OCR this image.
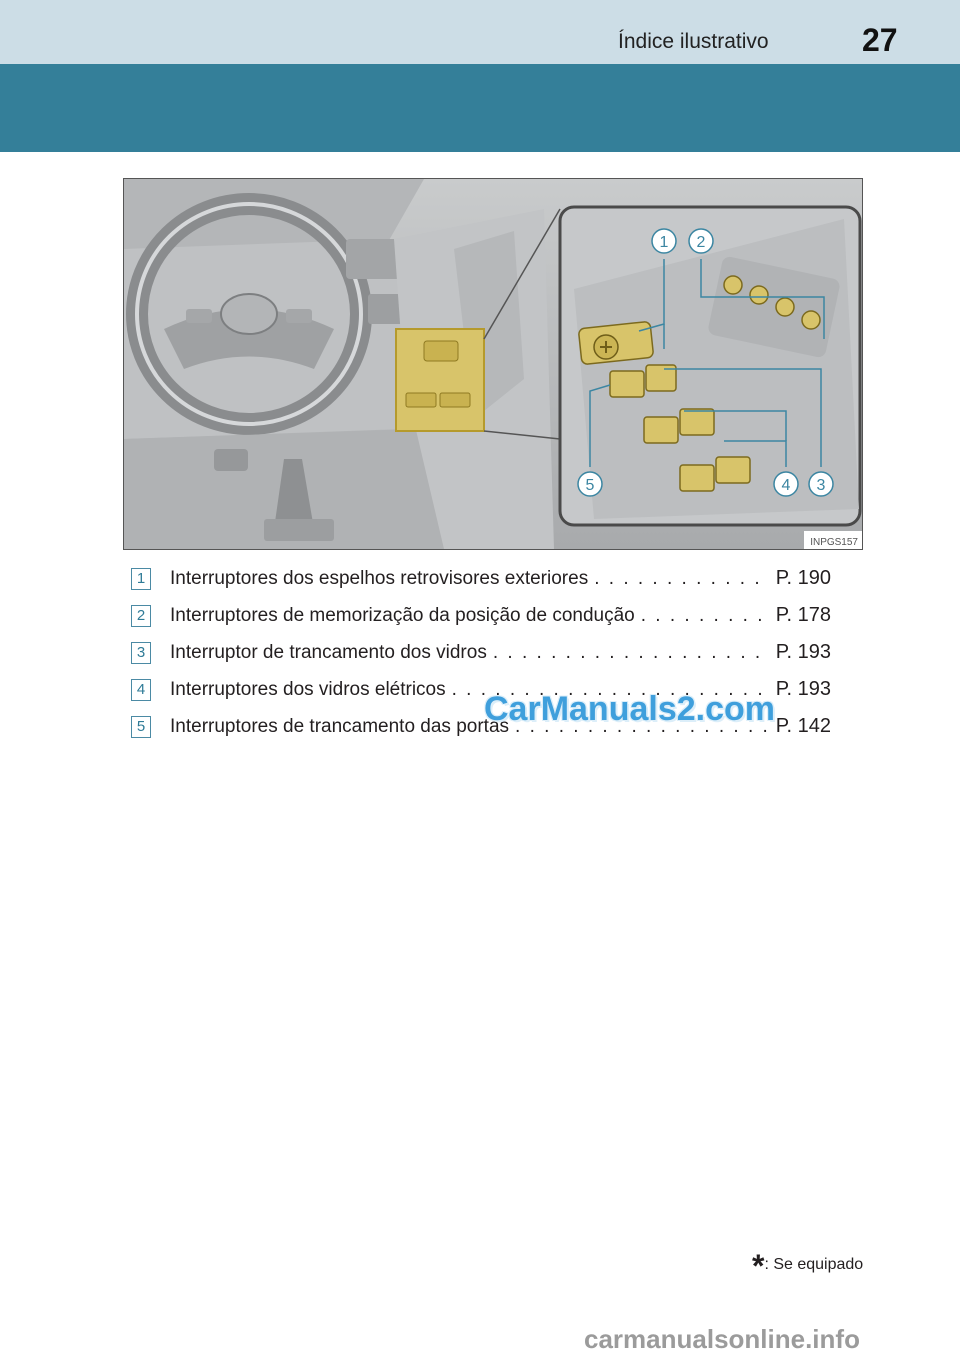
Índice ilustrativo	27
1 2
3
4
5
INPGS157
1	Interruptores dos espelhos retrovisores exteriores . . .	P. 190
2	Interruptores de memorização da posição de condução . . .	P. 178
3	Interruptor de trancamento dos vidros . . .	P. 193
4	Interruptores dos vidros elétricos . . .	P. 193
5	Interruptores de trancamento das portas . . .	P. 142
CarManuals2.com
*: Se equipado
carmanualsonline.info
